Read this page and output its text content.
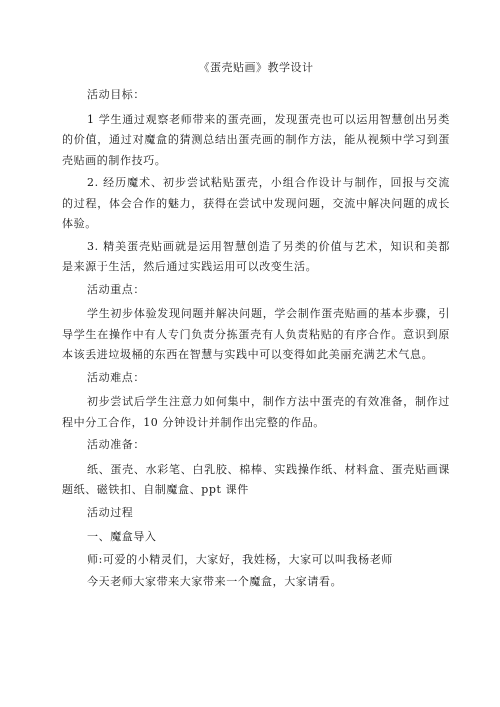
《蛋壳贴画》教学设计
活动目标：
1 学生通过观察老师带来的蛋壳画，发现蛋壳也可以运用智慧创出另类的价值，通过对魔盒的猜测总结出蛋壳画的制作方法，能从视频中学习到蛋壳贴画的制作技巧。
2. 经历魔术、初步尝试粘贴蛋壳，小组合作设计与制作，回报与交流的过程，体会合作的魅力，获得在尝试中发现问题，交流中解决问题的成长体验。
3. 精美蛋壳贴画就是运用智慧创造了另类的价值与艺术，知识和美都是来源于生活，然后通过实践运用可以改变生活。
活动重点：
学生初步体验发现问题并解决问题，学会制作蛋壳贴画的基本步骤，引导学生在操作中有人专门负责分拣蛋壳有人负责粘贴的有序合作。意识到原本该丢进垃圾桶的东西在智慧与实践中可以变得如此美丽充满艺术气息。
活动难点：
初步尝试后学生注意力如何集中，制作方法中蛋壳的有效准备，制作过程中分工合作，10 分钟设计并制作出完整的作品。
活动准备：
纸、蛋壳、水彩笔、白乳胶、棉棒、实践操作纸、材料盒、蛋壳贴画课题纸、磁铁扣、自制魔盒、ppt 课件
活动过程
一、魔盒导入
师:可爱的小精灵们，大家好，我姓杨，大家可以叫我杨老师
今天老师大家带来大家带来一个魔盒，大家请看。
